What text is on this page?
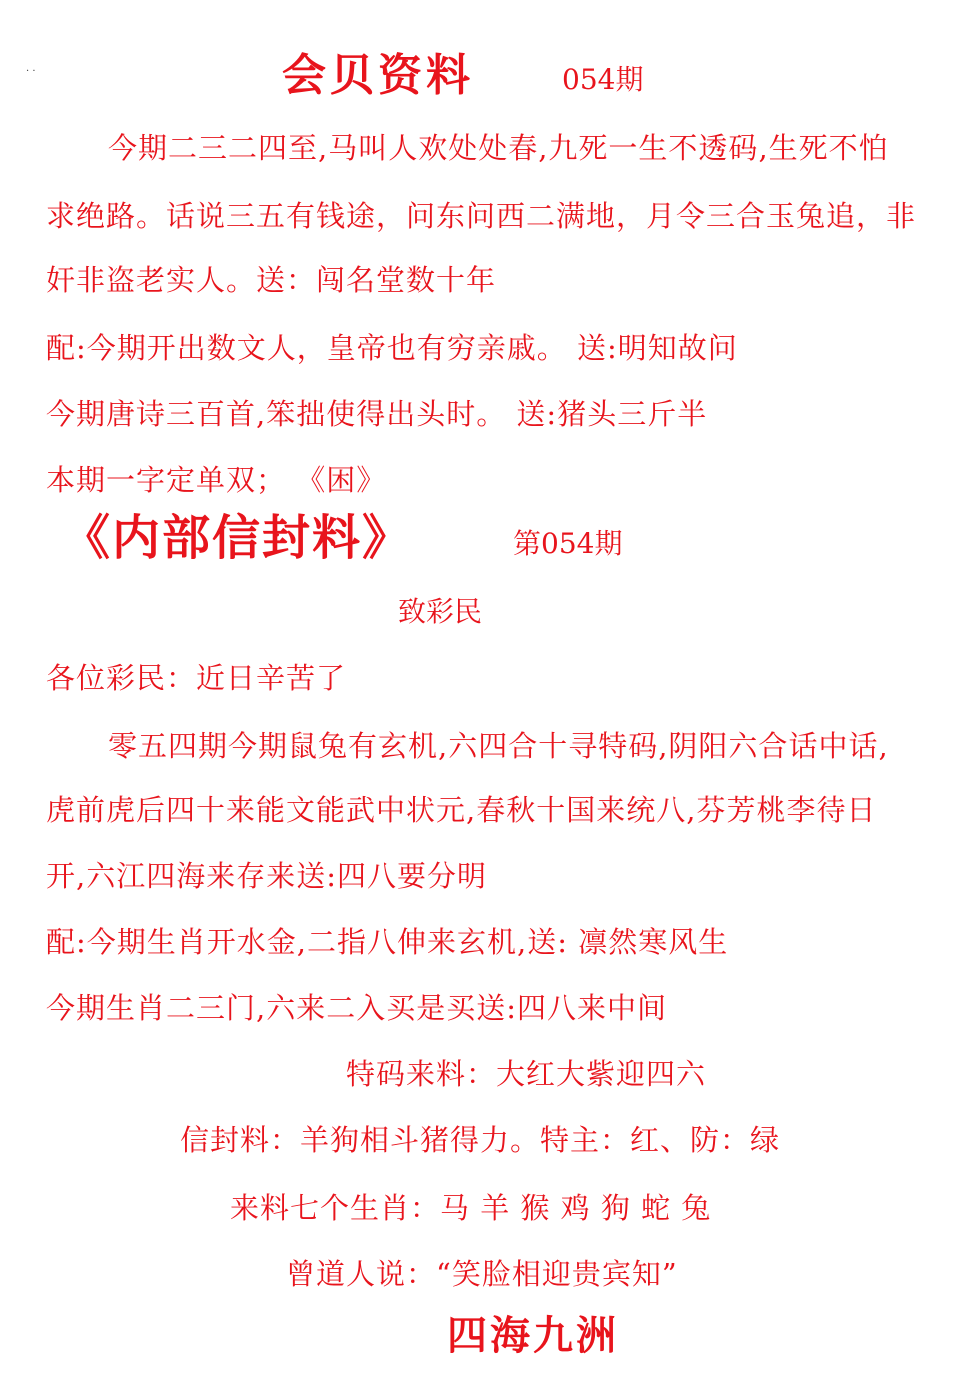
· ·	会贝资料	054期
今期二三二四至,马叫人欢处处春,九死一生不透码,生死不怕
求绝路。话说三五有钱途，问东问西二满地，月令三合玉兔追，非
奸非盗老实人。送：闯名堂数十年
配:今期开出数文人，皇帝也有穷亲戚。 送:明知故问
今期唐诗三百首,笨拙使得出头时。 送:猪头三斤半
本期一字定单双； 《困》
《内部信封料》	第054期
致彩民
各位彩民：近日辛苦了
零五四期今期鼠兔有玄机,六四合十寻特码,阴阳六合话中话,
虎前虎后四十来能文能武中状元,春秋十国来统八,芬芳桃李待日
开,六江四海来存来送:四八要分明
配:今期生肖开水金,二指八伸来玄机,送: 凛然寒风生
今期生肖二三门,六来二入买是买送:四八来中间
特码来料：大红大紫迎四六
信封料：羊狗相斗猪得力。特主：红、防：绿
来料七个生肖：马 羊 猴 鸡 狗 蛇 兔
曾道人说：“笑脸相迎贵宾知”
四海九洲
